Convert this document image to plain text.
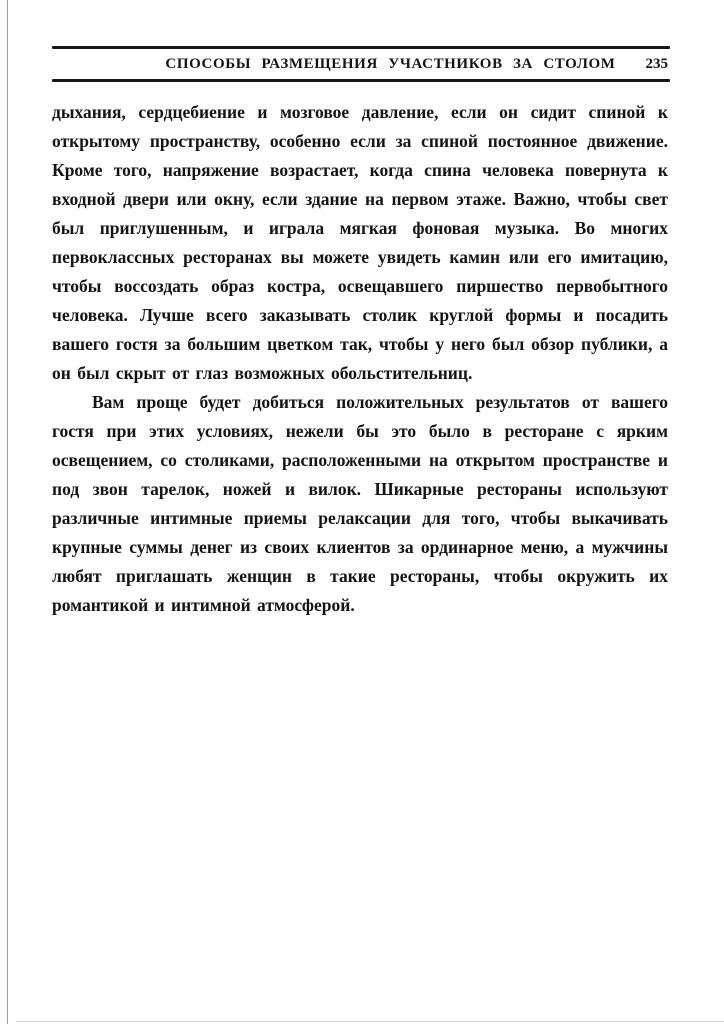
СПОСОБЫ РАЗМЕЩЕНИЯ УЧАСТНИКОВ ЗА СТОЛОМ 235

дыхания, сердцебиение и мозговое давление, если он сидит спиной к открытому пространству, особенно если за спиной постоянное движение. Кроме того, напряжение возрастает, когда спина человека повернута к входной двери или окну, если здание на первом этаже. Важно, чтобы свет был приглушенным, и играла мягкая фоновая музыка. Во многих первоклассных ресторанах вы можете увидеть камин или его имитацию, чтобы воссоздать образ костра, освещавшего пиршество первобытного человека. Лучше всего заказывать столик круглой формы и посадить вашего гостя за большим цветком так, чтобы у него был обзор публики, а он был скрыт от глаз возможных обольстительниц.

Вам проще будет добиться положительных результатов от вашего гостя при этих условиях, нежели бы это было в ресторане с ярким освещением, со столиками, расположенными на открытом пространстве и под звон тарелок, ножей и вилок. Шикарные рестораны используют различные интимные приемы релаксации для того, чтобы выкачивать крупные суммы денег из своих клиентов за ординарное меню, а мужчины любят приглашать женщин в такие рестораны, чтобы окружить их романтикой и интимной атмосферой.
